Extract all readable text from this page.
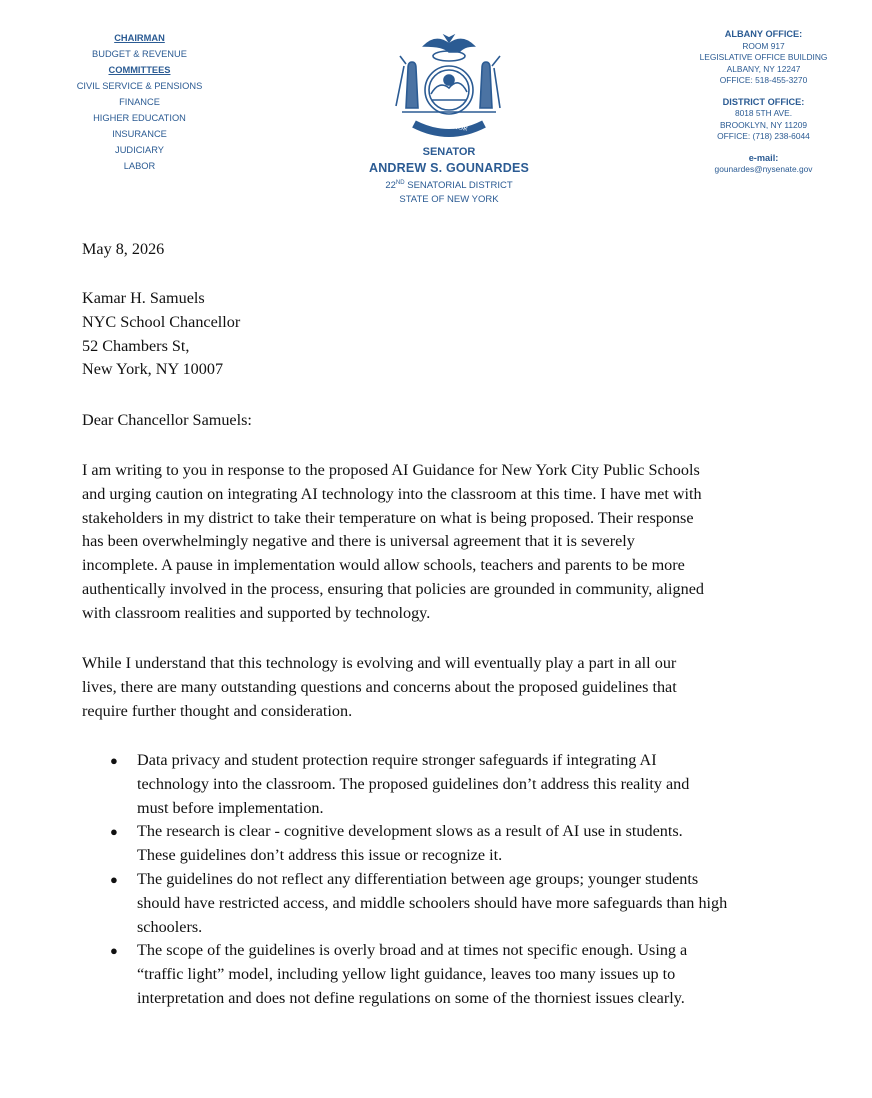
CHAIRMAN
BUDGET & REVENUE
COMMITTEES
CIVIL SERVICE & PENSIONS
FINANCE
HIGHER EDUCATION
INSURANCE
JUDICIARY
LABOR
EXCELSIOR
SENATOR
ANDREW S. GOUNARDES
22ND SENATORIAL DISTRICT
STATE OF NEW YORK
ALBANY OFFICE:
ROOM 917
LEGISLATIVE OFFICE BUILDING
ALBANY, NY 12247
OFFICE: 518-455-3270
DISTRICT OFFICE:
8018 5TH AVE.
BROOKLYN, NY 11209
OFFICE: (718) 238-6044
e-mail:
gounardes@nysenate.gov
May 8, 2026
Kamar H. Samuels
NYC School Chancellor
52 Chambers St,
New York, NY 10007
Dear Chancellor Samuels:
I am writing to you in response to the proposed AI Guidance for New York City Public Schools
and urging caution on integrating AI technology into the classroom at this time. I have met with
stakeholders in my district to take their temperature on what is being proposed. Their response
has been overwhelmingly negative and there is universal agreement that it is severely
incomplete. A pause in implementation would allow schools, teachers and parents to be more
authentically involved in the process, ensuring that policies are grounded in community, aligned
with classroom realities and supported by technology.
While I understand that this technology is evolving and will eventually play a part in all our
lives, there are many outstanding questions and concerns about the proposed guidelines that
require further thought and consideration.
● Data privacy and student protection require stronger safeguards if integrating AI
technology into the classroom. The proposed guidelines don’t address this reality and
must before implementation.
● The research is clear - cognitive development slows as a result of AI use in students.
These guidelines don’t address this issue or recognize it.
● The guidelines do not reflect any differentiation between age groups; younger students
should have restricted access, and middle schoolers should have more safeguards than high
schoolers.
● The scope of the guidelines is overly broad and at times not specific enough. Using a
“traffic light” model, including yellow light guidance, leaves too many issues up to
interpretation and does not define regulations on some of the thorniest issues clearly.
